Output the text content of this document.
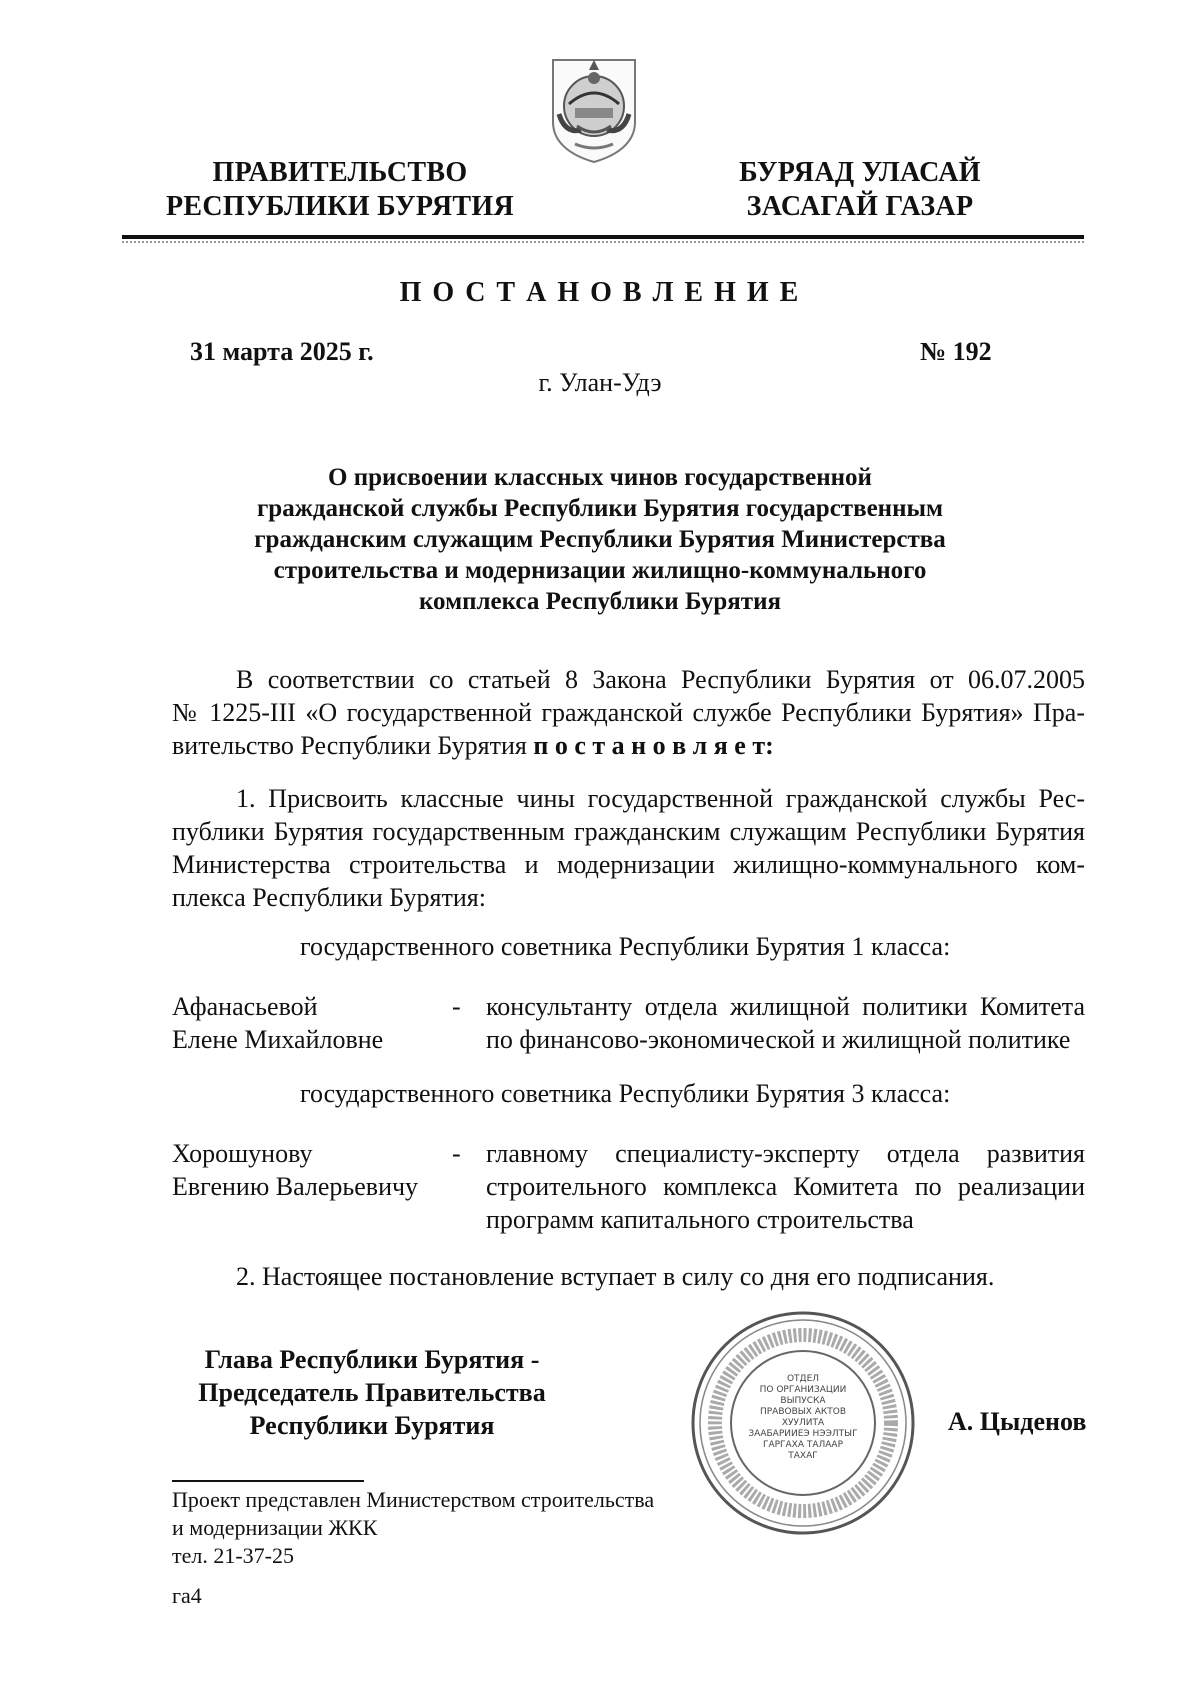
ПРАВИТЕЛЬСТВО
РЕСПУБЛИКИ БУРЯТИЯ
БУРЯАД УЛАСАЙ
ЗАСАГАЙ ГАЗАР
П О С Т А Н О В Л Е Н И Е
31 марта 2025 г.	№ 192
г. Улан-Удэ
О присвоении классных чинов государственной
гражданской службы Республики Бурятия государственным
гражданским служащим Республики Бурятия Министерства
строительства и модернизации жилищно-коммунального
комплекса Республики Бурятия
В соответствии со статьей 8 Закона Республики Бурятия от 06.07.2005
№ 1225-III «О государственной гражданской службе Республики Бурятия» Пра-
вительство Республики Бурятия п о с т а н о в л я е т:
1. Присвоить классные чины государственной гражданской службы Рес-
публики Бурятия государственным гражданским служащим Республики Бурятия
Министерства строительства и модернизации жилищно-коммунального ком-
плекса Республики Бурятия:
государственного советника Республики Бурятия 1 класса:
Афанасьевой
Елене Михайловне
- консультанту отдела жилищной политики Комитета
по финансово-экономической и жилищной политике
государственного советника Республики Бурятия 3 класса:
Хорошунову
Евгению Валерьевичу
- главному специалисту-эксперту отдела развития
строительного комплекса Комитета по реализации
программ капитального строительства
2. Настоящее постановление вступает в силу со дня его подписания.
Глава Республики Бурятия -
Председатель Правительства
Республики Бурятия
ОТДЕЛ
ПО ОРГАНИЗАЦИИ
ВЫПУСКА
ПРАВОВЫХ АКТОВ
ХУУЛИТА
ЗААБАРИИЕЭ НЭЭЛТЫГ
ГАРГАХА ТАЛААР
ТАХАГ
А. Цыденов
Проект представлен Министерством строительства
и модернизации ЖКК
тел. 21-37-25
га4
